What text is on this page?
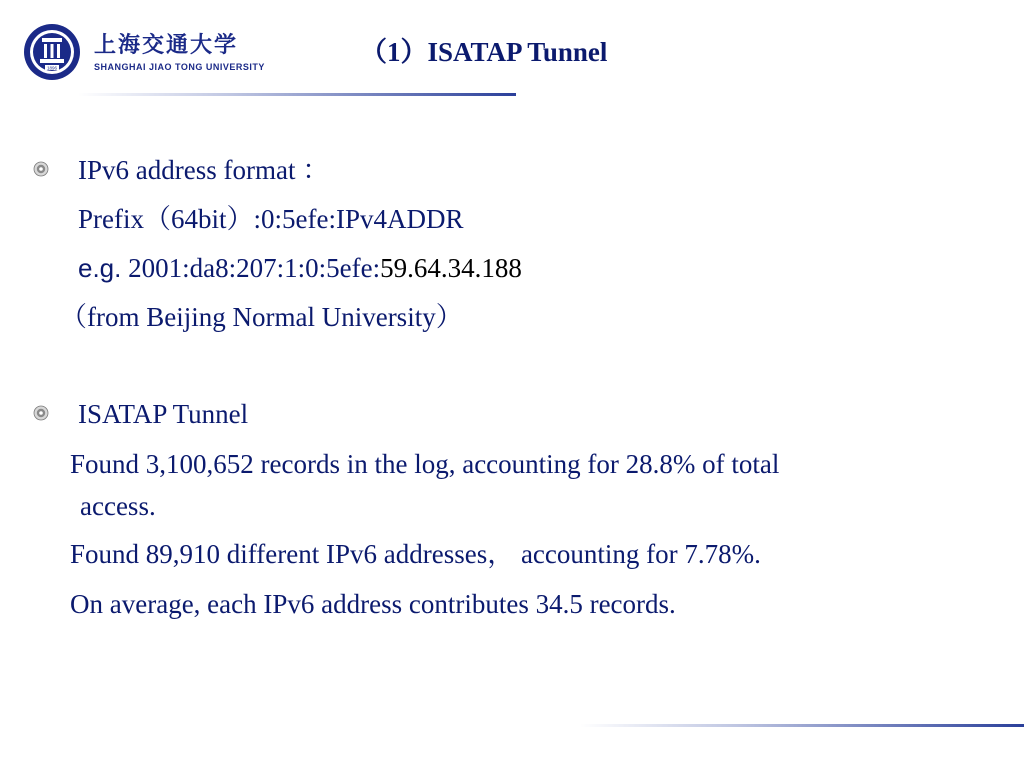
1896
上海交通大学
SHANGHAI JIAO TONG UNIVERSITY	（1）ISATAP Tunnel
IPv6 address format ：
Prefix（64bit）:0:5efe:IPv4ADDR
e.g. 2001:da8:207:1:0:5efe:59.64.34.188
（from Beijing Normal University）
ISATAP Tunnel
Found 3,100,652 records in the log, accounting for 28.8% of total
access.
Found 89,910 different IPv6 addresses， accounting for 7.78%.
On average, each IPv6 address contributes 34.5 records.
